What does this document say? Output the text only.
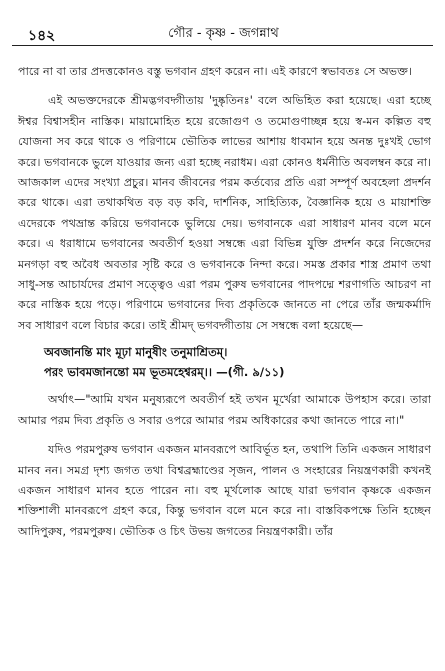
১৪২	গৌর - কৃষ্ণ - জগন্নাথ

পারে না বা তার প্রদত্তকোনও বস্তু ভগবান গ্রহণ করেন না। এই কারণে স্বভাবতঃ সে অভক্ত।

এই অভক্তদেরকে শ্রীমদ্ভগবদ্গীতায় 'দুষ্কৃতিনঃ' বলে অভিহিত করা হয়েছে। এরা হচ্ছে ঈশ্বর বিশ্বাসহীন নাস্তিক। মায়ামোহিত হয়ে রজোগুণ ও তমোগুণাচ্ছন্ন হয়ে স্ব-মন কল্পিত বহু যোজনা সব করে থাকে ও পরিণামে ভৌতিক লাভের আশায় ধাবমান হয়ে অনন্ত দুঃখই ভোগ করে। ভগবানকে ভুলে যাওয়ার জন্য এরা হচ্ছে নরাধম। এরা কোনও ধর্মনীতি অবলম্বন করে না। আজকাল এদের সংখ্যা প্রচুর। মানব জীবনের পরম কর্তব্যের প্রতি এরা সম্পূর্ণ অবহেলা প্রদর্শন করে থাকে। এরা তথাকথিত বড় বড় কবি, দার্শনিক, সাহিত্যিক, বৈজ্ঞানিক হয়ে ও মায়াশক্তি এদেরকে পথভ্রান্ত করিয়ে ভগবানকে ভুলিয়ে দেয়। ভগবানকে এরা সাধারণ মানব বলে মনে করে। এ ধরাধামে ভগবানের অবতীর্ণ হওয়া সম্বন্ধে এরা বিভিন্ন যুক্তি প্রদর্শন করে নিজেদের মনগড়া বহু অবৈধ অবতার সৃষ্টি করে ও ভগবানকে নিন্দা করে। সমস্ত প্রকার শাস্ত্র প্রমাণ তথা সাধু-সন্ত আচার্যদের প্রমাণ সত্ত্বেও এরা পরম পুরুষ ভগবানের পাদপদ্মে শরণাগতি আচরণ না করে নাস্তিক হয়ে পড়ে। পরিণামে ভগবানের দিব্য প্রকৃতিকে জানতে না পেরে তাঁর জন্মকর্মাদি সব সাধারণ বলে বিচার করে। তাই শ্রীমদ্ ভগবদ্গীতায় সে সম্বন্ধে বলা হয়েছে—

অবজানন্তি মাং মূঢ়া মানুষীং তনুমাশ্রিতম্।
পরং ভাবমজানন্তো মম ভূতমহেশ্বরম্।। —(গী. ৯/১১)

অর্থাৎ—"আমি যখন মনুষ্যরূপে অবতীর্ণ হই তখন মূর্খেরা আমাকে উপহাস করে। তারা আমার পরম দিব্য প্রকৃতি ও সবার ওপরে আমার পরম অধিকারের কথা জানতে পারে না।"

যদিও পরমপুরুষ ভগবান একজন মানবরূপে আবির্ভূত হন, তথাপি তিনি একজন সাধারণ মানব নন। সমগ্র দৃশ্য জগত তথা বিশ্বব্রহ্মাণ্ডের সৃজন, পালন ও সংহারের নিয়ন্ত্রণকারী কখনই একজন সাধারণ মানব হতে পারেন না। বহু মূর্খলোক আছে যারা ভগবান কৃষ্ণকে একজন শক্তিশালী মানবরূপে গ্রহণ করে, কিন্তু ভগবান বলে মনে করে না। বাস্তবিকপক্ষে তিনি হচ্ছেন আদিপুরুষ, পরমপুরুষ। ভৌতিক ও চিৎ উভয় জগতের নিয়ন্ত্রণকারী। তাঁর
